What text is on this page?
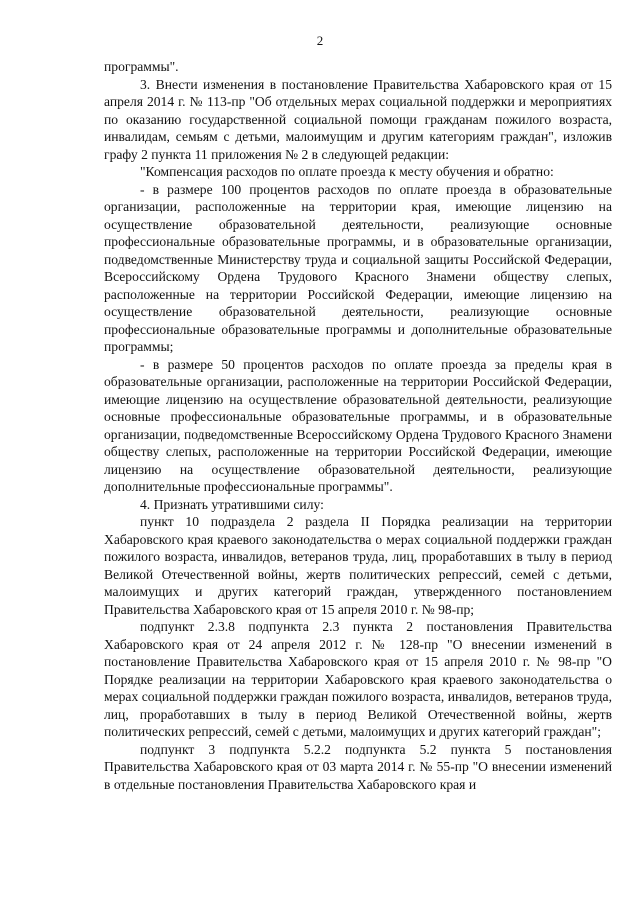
2

программы".

3. Внести изменения в постановление Правительства Хабаровского края от 15 апреля 2014 г. № 113-пр "Об отдельных мерах социальной поддержки и мероприятиях по оказанию государственной социальной помощи гражданам пожилого возраста, инвалидам, семьям с детьми, малоимущим и другим категориям граждан", изложив графу 2 пункта 11 приложения № 2 в следующей редакции:

"Компенсация расходов по оплате проезда к месту обучения и обратно:

- в размере 100 процентов расходов по оплате проезда в образовательные организации, расположенные на территории края, имеющие лицензию на осуществление образовательной деятельности, реализующие основные профессиональные образовательные программы, и в образовательные организации, подведомственные Министерству труда и социальной защиты Российской Федерации, Всероссийскому Ордена Трудового Красного Знамени обществу слепых, расположенные на территории Российской Федерации, имеющие лицензию на осуществление образовательной деятельности, реализующие основные профессиональные образовательные программы и дополнительные образовательные программы;

- в размере 50 процентов расходов по оплате проезда за пределы края в образовательные организации, расположенные на территории Российской Федерации, имеющие лицензию на осуществление образовательной деятельности, реализующие основные профессиональные образовательные программы, и в образовательные организации, подведомственные Всероссийскому Ордена Трудового Красного Знамени обществу слепых, расположенные на территории Российской Федерации, имеющие лицензию на осуществление образовательной деятельности, реализующие дополнительные профессиональные программы".

4. Признать утратившими силу:

пункт 10 подраздела 2 раздела II Порядка реализации на территории Хабаровского края краевого законодательства о мерах социальной поддержки граждан пожилого возраста, инвалидов, ветеранов труда, лиц, проработавших в тылу в период Великой Отечественной войны, жертв политических репрессий, семей с детьми, малоимущих и других категорий граждан, утвержденного постановлением Правительства Хабаровского края от 15 апреля 2010 г. № 98-пр;

подпункт 2.3.8 подпункта 2.3 пункта 2 постановления Правительства Хабаровского края от 24 апреля 2012 г. № 128-пр "О внесении изменений в постановление Правительства Хабаровского края от 15 апреля 2010 г. № 98-пр "О Порядке реализации на территории Хабаровского края краевого законодательства о мерах социальной поддержки граждан пожилого возраста, инвалидов, ветеранов труда, лиц, проработавших в тылу в период Великой Отечественной войны, жертв политических репрессий, семей с детьми, малоимущих и других категорий граждан";

подпункт 3 подпункта 5.2.2 подпункта 5.2 пункта 5 постановления Правительства Хабаровского края от 03 марта 2014 г. № 55-пр "О внесении изменений в отдельные постановления Правительства Хабаровского края и
